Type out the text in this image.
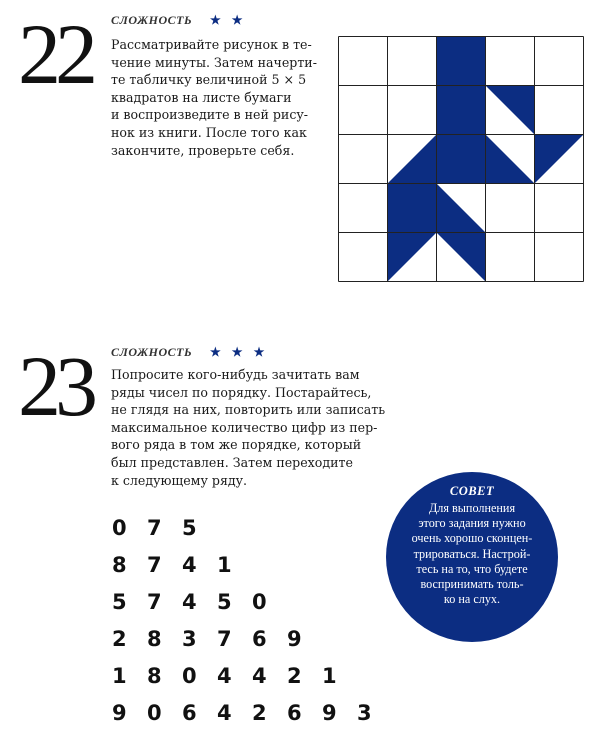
22 СЛОЖНОСТЬ ★ ★
Рассматривайте рисунок в те-
чение минуты. Затем начерти-
те табличку величиной 5 × 5
квадратов на листе бумаги
и воспроизведите в ней рису-
нок из книги. После того как
закончите, проверьте себя.
23 СЛОЖНОСТЬ ★ ★ ★
Попросите кого-нибудь зачитать вам
ряды чисел по порядку. Постарайтесь,
не глядя на них, повторить или записать
максимальное количество цифр из пер-
вого ряда в том же порядке, который
был представлен. Затем переходите
к следующему ряду.
0 7 5
8 7 4 1
5 7 4 5 0
2 8 3 7 6 9
1 8 0 4 4 2 1
9 0 6 4 2 6 9 3
СОВЕТ
Для выполнения
этого задания нужно
очень хорошо сконцен-
трироваться. Настрой-
тесь на то, что будете
воспринимать толь-
ко на слух.
